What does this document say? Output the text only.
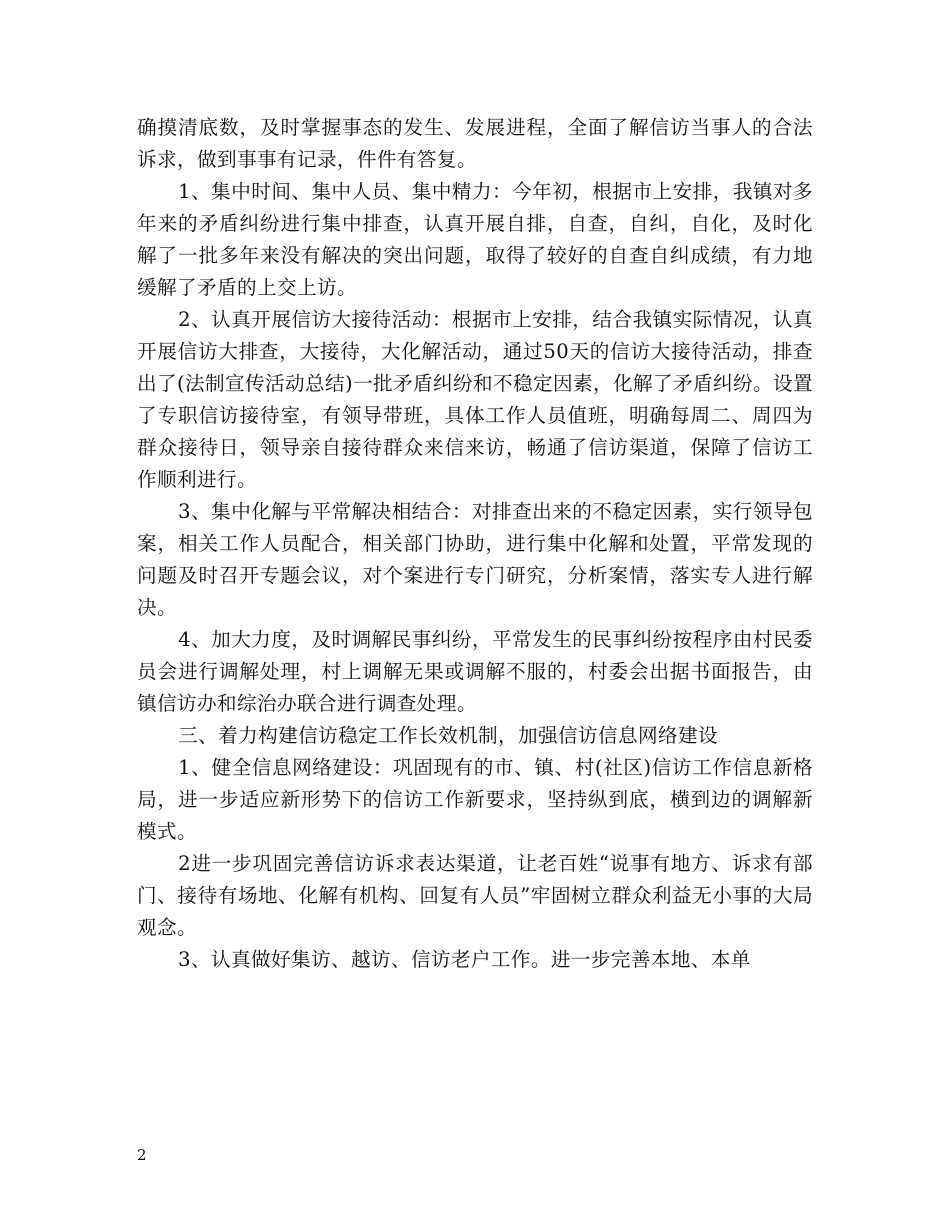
确摸清底数，及时掌握事态的发生、发展进程，全面了解信访当事人的合法诉求，做到事事有记录，件件有答复。

1、集中时间、集中人员、集中精力：今年初，根据市上安排，我镇对多年来的矛盾纠纷进行集中排查，认真开展自排，自查，自纠，自化，及时化解了一批多年来没有解决的突出问题，取得了较好的自查自纠成绩，有力地缓解了矛盾的上交上访。

2、认真开展信访大接待活动：根据市上安排，结合我镇实际情况，认真开展信访大排查，大接待，大化解活动，通过50天的信访大接待活动，排查出了(法制宣传活动总结)一批矛盾纠纷和不稳定因素，化解了矛盾纠纷。设置了专职信访接待室，有领导带班，具体工作人员值班，明确每周二、周四为群众接待日，领导亲自接待群众来信来访，畅通了信访渠道，保障了信访工作顺利进行。

3、集中化解与平常解决相结合：对排查出来的不稳定因素，实行领导包案，相关工作人员配合，相关部门协助，进行集中化解和处置，平常发现的问题及时召开专题会议，对个案进行专门研究，分析案情，落实专人进行解决。

4、加大力度，及时调解民事纠纷，平常发生的民事纠纷按程序由村民委员会进行调解处理，村上调解无果或调解不服的，村委会出据书面报告，由镇信访办和综治办联合进行调查处理。

三、着力构建信访稳定工作长效机制，加强信访信息网络建设

1、健全信息网络建设：巩固现有的市、镇、村(社区)信访工作信息新格局，进一步适应新形势下的信访工作新要求，坚持纵到底，横到边的调解新模式。

2进一步巩固完善信访诉求表达渠道，让老百姓“说事有地方、诉求有部门、接待有场地、化解有机构、回复有人员”牢固树立群众利益无小事的大局观念。

3、认真做好集访、越访、信访老户工作。进一步完善本地、本单

2
